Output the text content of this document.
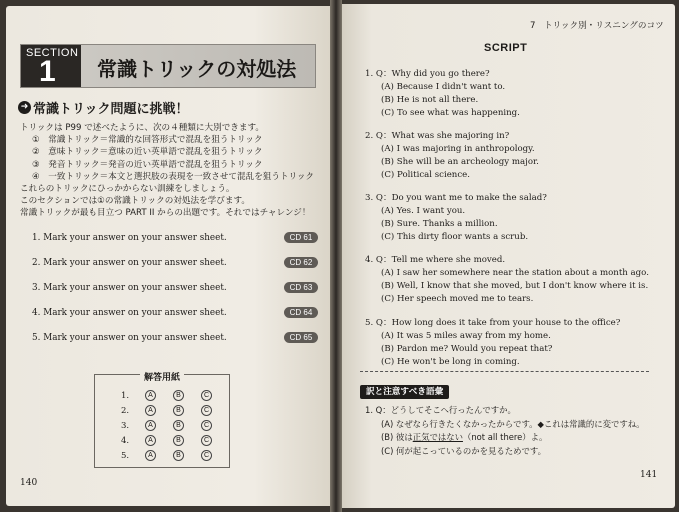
SECTION
1 常識トリックの対処法
➜ 常識トリック問題に挑戦！
トリックは P99 で述べたように、次の４種類に大別できます。
①　常識トリック＝常識的な回答形式で混乱を狙うトリック
②　意味トリック＝意味の近い英単語で混乱を狙うトリック
③　発音トリック＝発音の近い英単語で混乱を狙うトリック
④　一致トリック＝本文と選択肢の表現を一致させて混乱を狙うトリック
これらのトリックにひっかからない訓練をしましょう。
このセクションでは①の常識トリックの対処法を学びます。
常識トリックが最も目立つ PART II からの出題です。それではチャレンジ！
1. Mark your answer on your answer sheet.	CD 61
2. Mark your answer on your answer sheet.	CD 62
3. Mark your answer on your answer sheet.	CD 63
4. Mark your answer on your answer sheet.	CD 64
5. Mark your answer on your answer sheet.	CD 65
解答用紙
1.	A	B	C
2.	A	B	C
3.	A	B	C
4.	A	B	C
5.	A	B	C
140
7　トリック別・リスニングのコツ
SCRIPT
1. Q：Why did you go there?
(A) Because I didn't want to.
(B) He is not all there.
(C) To see what was happening.
2. Q：What was she majoring in?
(A) I was majoring in anthropology.
(B) She will be an archeology major.
(C) Political science.
3. Q：Do you want me to make the salad?
(A) Yes. I want you.
(B) Sure. Thanks a million.
(C) This dirty floor wants a scrub.
4. Q：Tell me where she moved.
(A) I saw her somewhere near the station about a month ago.
(B) Well, I know that she moved, but I don't know where it is.
(C) Her speech moved me to tears.
5. Q：How long does it take from your house to the office?
(A) It was 5 miles away from my home.
(B) Pardon me? Would you repeat that?
(C) He won't be long in coming.
訳と注意すべき語彙
1. Q：どうしてそこへ行ったんですか。
(A) なぜなら行きたくなかったからです。◆これは常識的に変ですね。
(B) 彼は正気ではない（not all there）よ。
(C) 何が起こっているのかを見るためです。
141
